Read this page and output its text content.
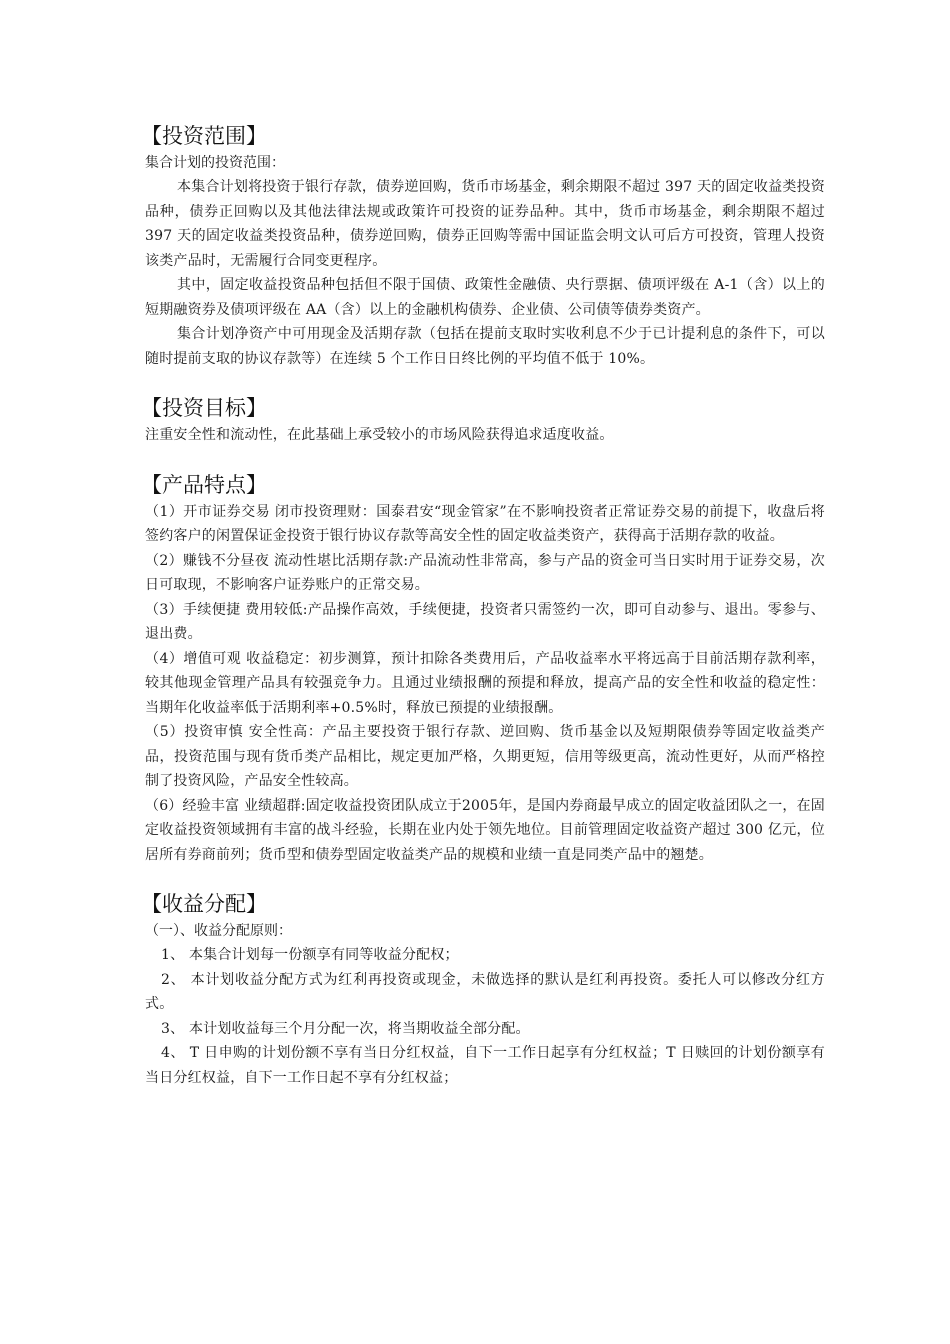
【投资范围】

集合计划的投资范围：

本集合计划将投资于银行存款，债券逆回购，货币市场基金，剩余期限不超过 397 天的固定收益类投资品种，债券正回购以及其他法律法规或政策许可投资的证券品种。其中，货币市场基金，剩余期限不超过 397 天的固定收益类投资品种，债券逆回购，债券正回购等需中国证监会明文认可后方可投资，管理人投资该类产品时，无需履行合同变更程序。

其中，固定收益投资品种包括但不限于国债、政策性金融债、央行票据、债项评级在 A-1（含）以上的短期融资券及债项评级在 AA（含）以上的金融机构债券、企业债、公司债等债券类资产。

集合计划净资产中可用现金及活期存款（包括在提前支取时实收利息不少于已计提利息的条件下，可以随时提前支取的协议存款等）在连续 5 个工作日日终比例的平均值不低于 10%。

【投资目标】

注重安全性和流动性，在此基础上承受较小的市场风险获得追求适度收益。

【产品特点】

（1）开市证券交易 闭市投资理财：国泰君安“现金管家”在不影响投资者正常证券交易的前提下，收盘后将签约客户的闲置保证金投资于银行协议存款等高安全性的固定收益类资产，获得高于活期存款的收益。

（2）赚钱不分昼夜 流动性堪比活期存款:产品流动性非常高，参与产品的资金可当日实时用于证券交易，次日可取现，不影响客户证券账户的正常交易。

（3）手续便捷 费用较低:产品操作高效，手续便捷，投资者只需签约一次，即可自动参与、退出。零参与、退出费。

（4）增值可观 收益稳定：初步测算，预计扣除各类费用后，产品收益率水平将远高于目前活期存款利率，较其他现金管理产品具有较强竞争力。且通过业绩报酬的预提和释放，提高产品的安全性和收益的稳定性：当期年化收益率低于活期利率+0.5%时，释放已预提的业绩报酬。

（5）投资审慎 安全性高：产品主要投资于银行存款、逆回购、货币基金以及短期限债券等固定收益类产品，投资范围与现有货币类产品相比，规定更加严格，久期更短，信用等级更高，流动性更好，从而严格控制了投资风险，产品安全性较高。

（6）经验丰富 业绩超群:固定收益投资团队成立于2005年，是国内券商最早成立的固定收益团队之一，在固定收益投资领域拥有丰富的战斗经验，长期在业内处于领先地位。目前管理固定收益资产超过 300 亿元，位居所有券商前列；货币型和债券型固定收益类产品的规模和业绩一直是同类产品中的翘楚。

【收益分配】

（一）、收益分配原则：

1、 本集合计划每一份额享有同等收益分配权；

2、 本计划收益分配方式为红利再投资或现金，未做选择的默认是红利再投资。委托人可以修改分红方式。

3、 本计划收益每三个月分配一次，将当期收益全部分配。

4、 T 日申购的计划份额不享有当日分红权益，自下一工作日起享有分红权益；T 日赎回的计划份额享有当日分红权益，自下一工作日起不享有分红权益；
